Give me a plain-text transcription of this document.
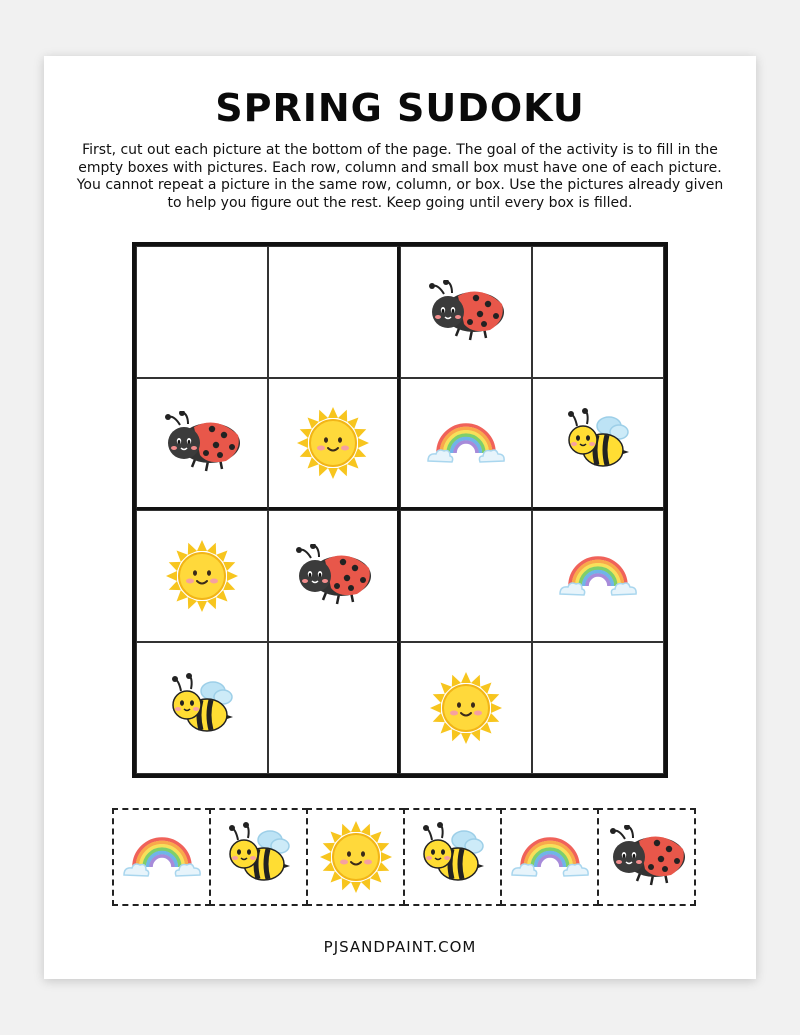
SPRING SUDOKU

First, cut out each picture at the bottom of the page. The goal of the activity is to fill in the empty boxes with pictures. Each row, column and small box must have one of each picture. You cannot repeat a picture in the same row, column, or box. Use the pictures already given to help you figure out the rest. Keep going until every box is filled.

PJSANDPAINT.COM
